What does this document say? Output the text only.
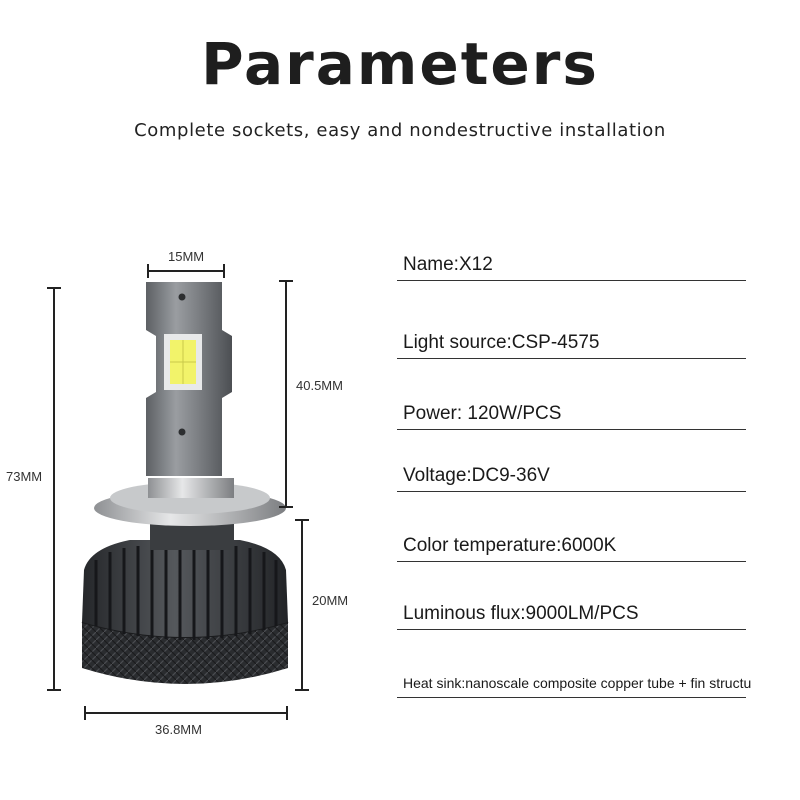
Parameters
Complete sockets, easy and nondestructive installation
15MM
40.5MM
73MM
20MM
36.8MM
Name:X12
Light source:CSP-4575
Power: 120W/PCS
Voltage:DC9-36V
Color temperature:6000K
Luminous flux:9000LM/PCS
Heat sink:nanoscale composite copper tube + fin structu
